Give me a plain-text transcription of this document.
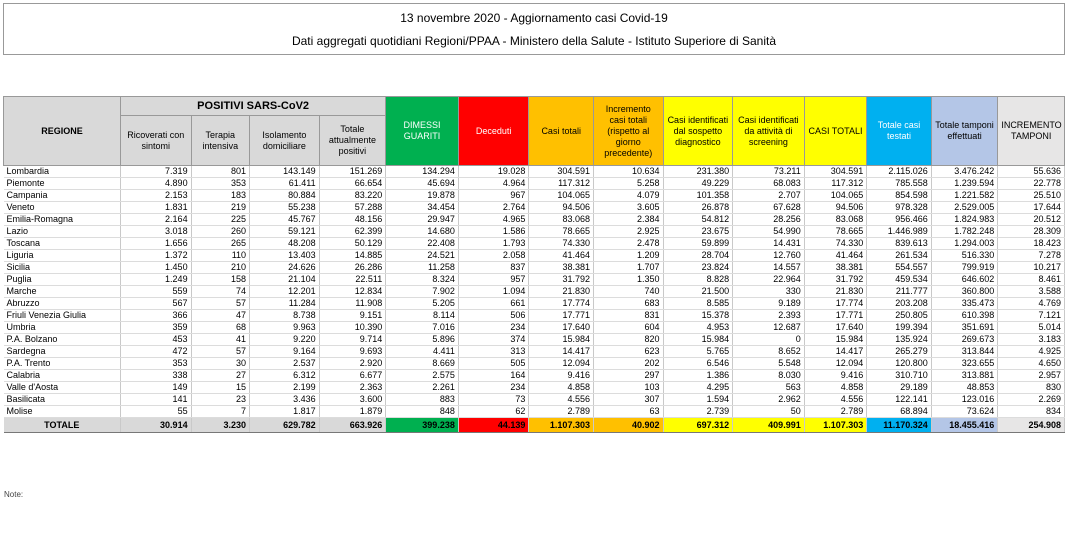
13 novembre 2020 - Aggiornamento casi Covid-19
Dati aggregati quotidiani Regioni/PPAA - Ministero della Salute - Istituto Superiore di Sanità
REGIONE	POSITIVI SARS-CoV2				DIMESSI GUARITI	Deceduti	Casi totali	Incremento casi totali (rispetto al giorno precedente)	Casi identificati dal sospetto diagnostico	Casi identificati da attività di screening	CASI TOTALI	Totale casi testati	Totale tamponi effettuati	INCREMENTO TAMPONI
	Ricoverati con sintomi	Terapia intensiva	Isolamento domiciliare	Totale attualmente positivi										
Lombardia	7.319	801	143.149	151.269	134.294	19.028	304.591	10.634	231.380	73.211	304.591	2.115.026	3.476.242	55.636
Piemonte	4.890	353	61.411	66.654	45.694	4.964	117.312	5.258	49.229	68.083	117.312	785.558	1.239.594	22.778
Campania	2.153	183	80.884	83.220	19.878	967	104.065	4.079	101.358	2.707	104.065	854.598	1.221.582	25.510
Veneto	1.831	219	55.238	57.288	34.454	2.764	94.506	3.605	26.878	67.628	94.506	978.328	2.529.005	17.644
Emilia-Romagna	2.164	225	45.767	48.156	29.947	4.965	83.068	2.384	54.812	28.256	83.068	956.466	1.824.983	20.512
Lazio	3.018	260	59.121	62.399	14.680	1.586	78.665	2.925	23.675	54.990	78.665	1.446.989	1.782.248	28.309
Toscana	1.656	265	48.208	50.129	22.408	1.793	74.330	2.478	59.899	14.431	74.330	839.613	1.294.003	18.423
Liguria	1.372	110	13.403	14.885	24.521	2.058	41.464	1.209	28.704	12.760	41.464	261.534	516.330	7.278
Sicilia	1.450	210	24.626	26.286	11.258	837	38.381	1.707	23.824	14.557	38.381	554.557	799.919	10.217
Puglia	1.249	158	21.104	22.511	8.324	957	31.792	1.350	8.828	22.964	31.792	459.534	646.602	8.461
Marche	559	74	12.201	12.834	7.902	1.094	21.830	740	21.500	330	21.830	211.777	360.800	3.588
Abruzzo	567	57	11.284	11.908	5.205	661	17.774	683	8.585	9.189	17.774	203.208	335.473	4.769
Friuli Venezia Giulia	366	47	8.738	9.151	8.114	506	17.771	831	15.378	2.393	17.771	250.805	610.398	7.121
Umbria	359	68	9.963	10.390	7.016	234	17.640	604	4.953	12.687	17.640	199.394	351.691	5.014
P.A. Bolzano	453	41	9.220	9.714	5.896	374	15.984	820	15.984	0	15.984	135.924	269.673	3.183
Sardegna	472	57	9.164	9.693	4.411	313	14.417	623	5.765	8.652	14.417	265.279	313.844	4.925
P.A. Trento	353	30	2.537	2.920	8.669	505	12.094	202	6.546	5.548	12.094	120.800	323.655	4.650
Calabria	338	27	6.312	6.677	2.575	164	9.416	297	1.386	8.030	9.416	310.710	313.881	2.957
Valle d'Aosta	149	15	2.199	2.363	2.261	234	4.858	103	4.295	563	4.858	29.189	48.853	830
Basilicata	141	23	3.436	3.600	883	73	4.556	307	1.594	2.962	4.556	122.141	123.016	2.269
Molise	55	7	1.817	1.879	848	62	2.789	63	2.739	50	2.789	68.894	73.624	834
TOTALE	30.914	3.230	629.782	663.926	399.238	44.139	1.107.303	40.902	697.312	409.991	1.107.303	11.170.324	18.455.416	254.908
Note:
